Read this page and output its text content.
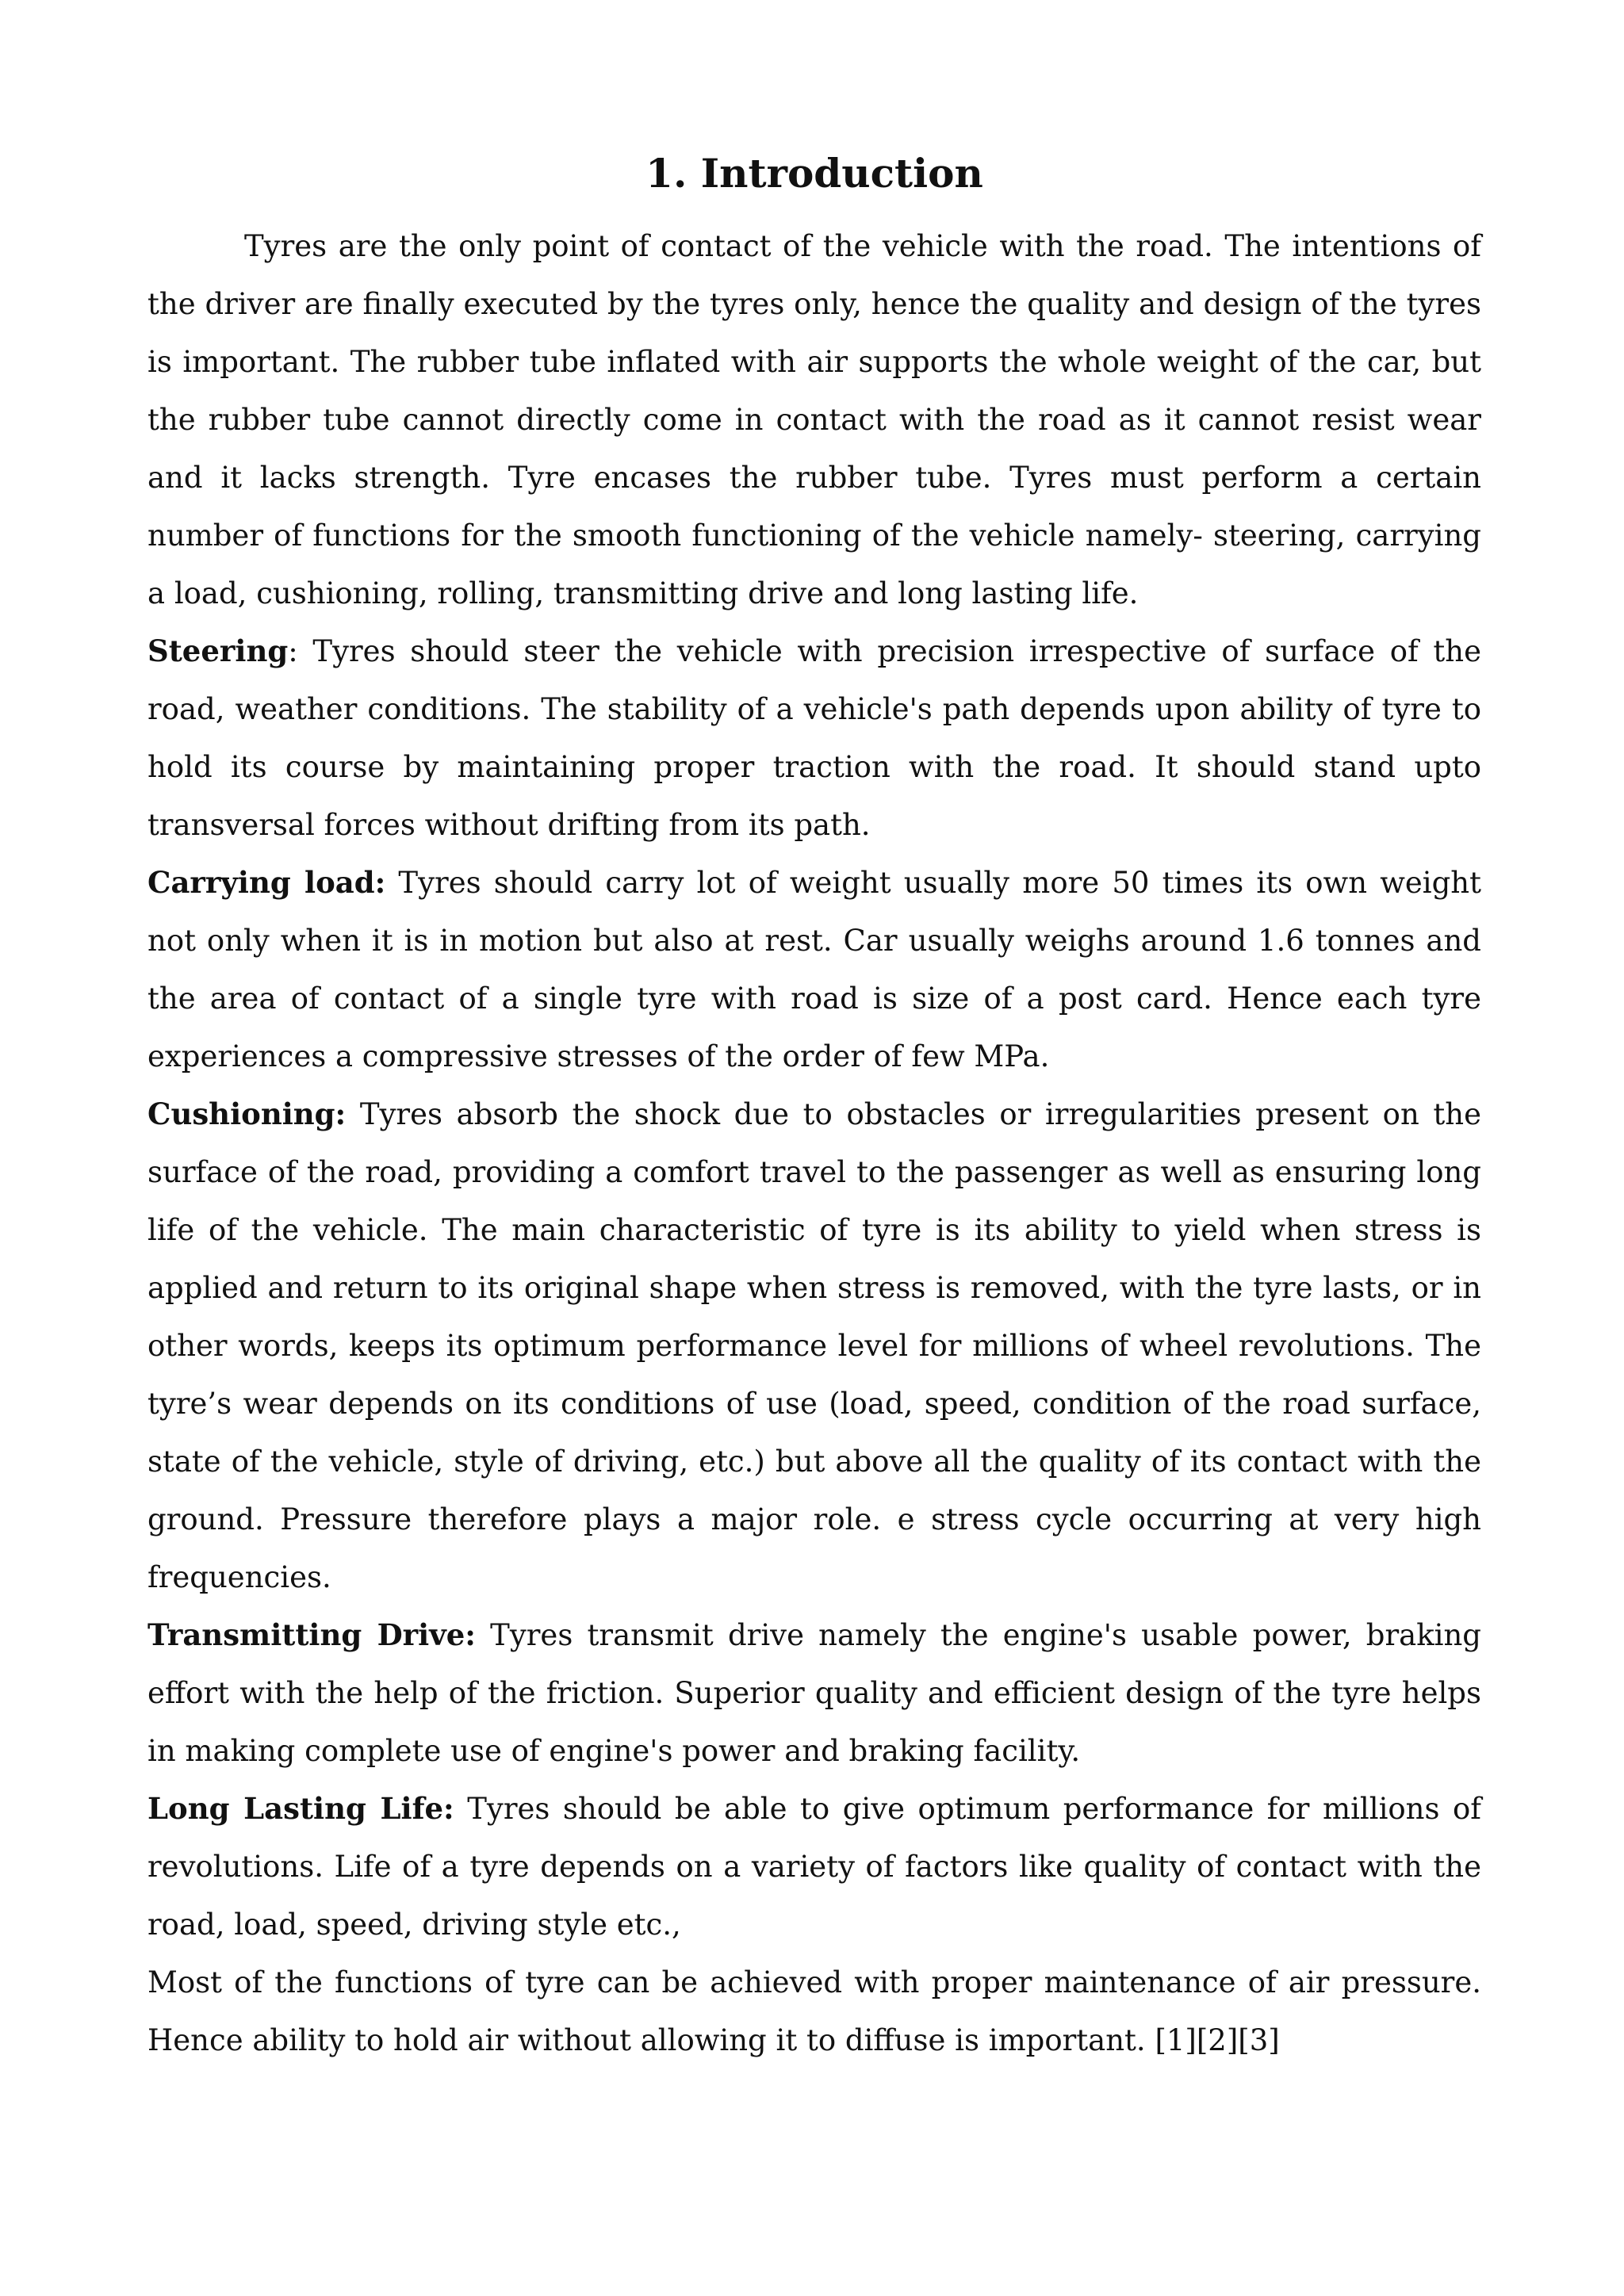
1. Introduction

Tyres are the only point of contact of the vehicle with the road. The intentions of the driver are finally executed by the tyres only, hence the quality and design of the tyres is important. The rubber tube inflated with air supports the whole weight of the car, but the rubber tube cannot directly come in contact with the road as it cannot resist wear and it lacks strength. Tyre encases the rubber tube. Tyres must perform a certain number of functions for the smooth functioning of the vehicle namely- steering, carrying a load, cushioning, rolling, transmitting drive and long lasting life.

Steering: Tyres should steer the vehicle with precision irrespective of surface of the road, weather conditions. The stability of a vehicle's path depends upon ability of tyre to hold its course by maintaining proper traction with the road. It should stand upto transversal forces without drifting from its path.

Carrying load: Tyres should carry lot of weight usually more 50 times its own weight not only when it is in motion but also at rest. Car usually weighs around 1.6 tonnes and the area of contact of a single tyre with road is size of a post card. Hence each tyre experiences a compressive stresses of the order of few MPa.

Cushioning: Tyres absorb the shock due to obstacles or irregularities present on the surface of the road, providing a comfort travel to the passenger as well as ensuring long life of the vehicle. The main characteristic of tyre is its ability to yield when stress is applied and return to its original shape when stress is removed, with the tyre lasts, or in other words, keeps its optimum performance level for millions of wheel revolutions. The tyre’s wear depends on its conditions of use (load, speed, condition of the road surface, state of the vehicle, style of driving, etc.) but above all the quality of its contact with the ground. Pressure therefore plays a major role. e stress cycle occurring at very high frequencies.

Transmitting Drive: Tyres transmit drive namely the engine's usable power, braking effort with the help of the friction. Superior quality and efficient design of the tyre helps in making complete use of engine's power and braking facility.

Long Lasting Life: Tyres should be able to give optimum performance for millions of revolutions. Life of a tyre depends on a variety of factors like quality of contact with the road, load, speed, driving style etc.,

Most of the functions of tyre can be achieved with proper maintenance of air pressure. Hence ability to hold air without allowing it to diffuse is important. [1][2][3]
